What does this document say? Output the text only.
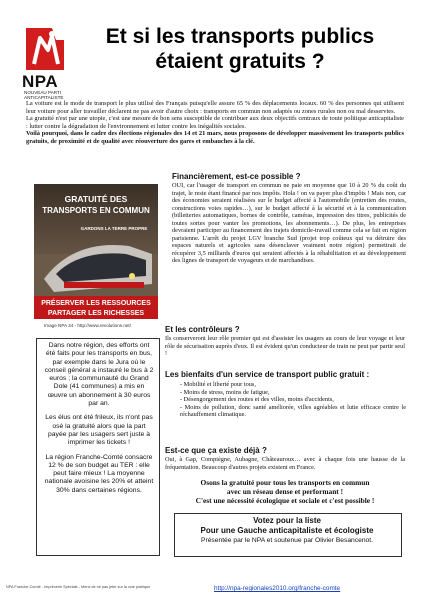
NPA
NOUVEAU PARTI ANTICAPITALISTE
Et si les transports publics étaient gratuits ?
La voiture est le mode de transport le plus utilisé des Français puisqu'elle assure 65 % des déplacements locaux. 60 % des personnes qui utilisent leur voiture pour aller travailler déclarent ne pas avoir d'autre choix : transports en commun non adaptés ou zones rurales non ou mal desservies.
La gratuité n'est par une utopie, c'est une mesure de bon sens susceptible de contribuer aux deux objectifs centraux de toute politique anticapitaliste : lutter contre la dégradation de l'environnement et lutter contre les inégalités sociales.
Voilà pourquoi, dans le cadre des élections régionales des 14 et 21 mars, nous proposons de développer massivement les transports publics gratuits, de proximité et de qualité avec réouverture des gares et embauches à la clé.
GRATUITÉ DES
TRANSPORTS EN COMMUN
GARDONS LA TERRE PROPRE
PRÉSERVER LES RESSOURCES
PARTAGER LES RICHESSES
Image NPA 34 - http://www.revolutions.net/

Dans notre région, des efforts ont été faits pour les transports en bus, par exemple dans le Jura où le conseil général a instauré le bus à 2 euros ; la communauté du Grand Dole (41 communes) a mis en œuvre un abonnement à 30 euros par an.

Les élus ont été frileux, ils n'ont pas osé la gratuité alors que la part payée par les usagers sert juste à imprimer les tickets !

La région Franche-Comté consacre 12 % de son budget au TER : elle peut faire mieux ! La moyenne nationale avoisine les 20% et atteint 30% dans certaines régions.

Financièrement, est-ce possible ?
OUI, car l'usager de transport en commun ne paie en moyenne que 10 à 20 % du coût du trajet, le reste étant financé par nos impôts. Hola ! on va payer plus d'impôts ! Mais non, car des économies seraient réalisées sur le budget affecté à l'automobile (entretien des routes, constructions voies rapides…), sur le budget affecté à la sécurité et à la communication (billetteries automatiques, bornes de contrôle, caméras, impression des titres, publicités de toutes sortes pour vanter les promotions, les abonnements…). De plus, les entreprises devraient participer au financement des trajets domicile-travail comme cela se fait en région parisienne. L'arrêt du projet LGV branche Sud (projet trop coûteux qui va détruire des espaces naturels et agricoles sans désenclaver vraiment notre région) permettrait de récupérer 3,5 milliards d'euros qui seraient affectés à la réhabilitation et au développement des lignes de transport de voyageurs et de marchandises.
Et les contrôleurs ?
Ils conserveront leur rôle premier qui est d'assister les usagers au cours de leur voyage et leur rôle de sécurisation auprès d'eux. Il est évident qu'un conducteur de train ne peut par partir seul !
Les bienfaits d'un service de transport public gratuit :
- Mobilité et liberté pour tous,
- Moins de stress, moins de fatigue,
- Désengorgement des routes et des villes, moins d'accidents,
- Moins de pollution, donc santé améliorée, villes agréables et lutte efficace contre le réchauffement climatique.
Est-ce que ça existe déjà ?
Oui, à Gap, Compiègne, Aubagne, Châteauroux… avec à chaque fois une hausse de la fréquentation. Beaucoup d'autres projets existent en France.
Osons la gratuité pour tous les transports en commun
avec un réseau dense et performant !
C'est une nécessité écologique et sociale et c'est possible !
Votez pour la liste
Pour une Gauche anticapitaliste et écologiste
Présentée par le NPA et soutenue par Olivier Besancenot.
NPA Franche-Comté - Imprimerie Spéciale - Merci de ne pas jeter sur la voie publique	http://npa-regionales2010.org/franche-comte
